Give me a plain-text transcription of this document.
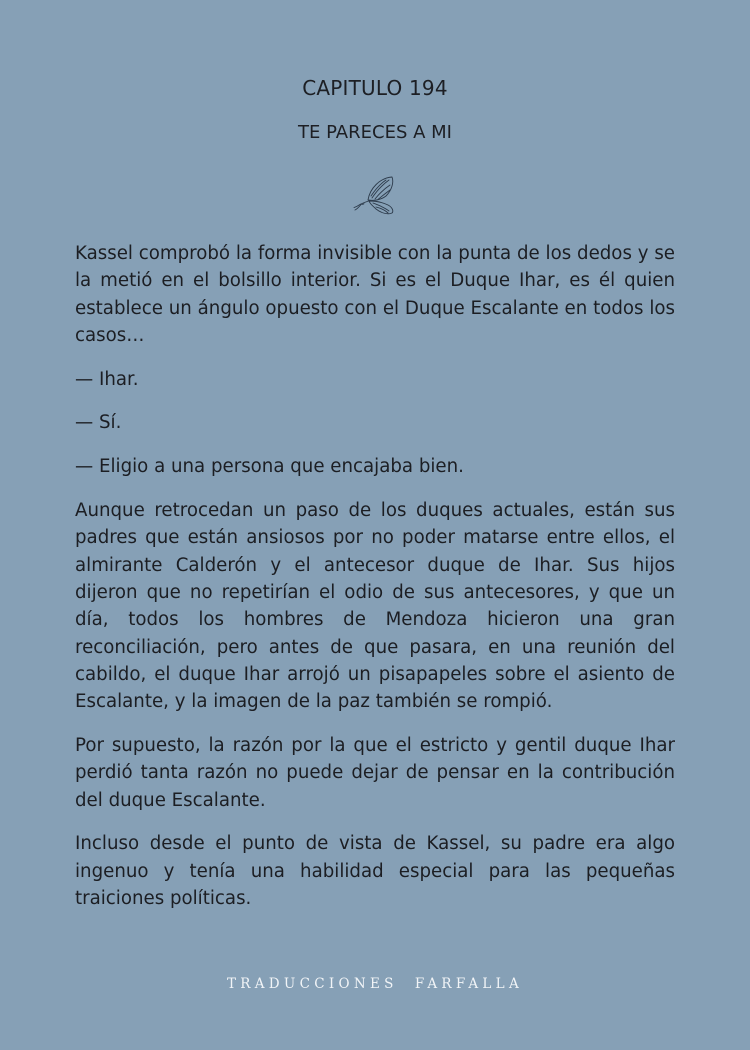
CAPITULO 194
TE PARECES A MI

Kassel comprobó la forma invisible con la punta de los dedos y se la metió en el bolsillo interior. Si es el Duque Ihar, es él quien establece un ángulo opuesto con el Duque Escalante en todos los casos…

— Ihar.

— Sí.

— Eligio a una persona que encajaba bien.

Aunque retrocedan un paso de los duques actuales, están sus padres que están ansiosos por no poder matarse entre ellos, el almirante Calderón y el antecesor duque de Ihar. Sus hijos dijeron que no repetirían el odio de sus antecesores, y que un día, todos los hombres de Mendoza hicieron una gran reconciliación, pero antes de que pasara, en una reunión del cabildo, el duque Ihar arrojó un pisapapeles sobre el asiento de Escalante, y la imagen de la paz también se rompió.

Por supuesto, la razón por la que el estricto y gentil duque Ihar perdió tanta razón no puede dejar de pensar en la contribución del duque Escalante.

Incluso desde el punto de vista de Kassel, su padre era algo ingenuo y tenía una habilidad especial para las pequeñas traiciones políticas.

TRADUCCIONES  FARFALLA
